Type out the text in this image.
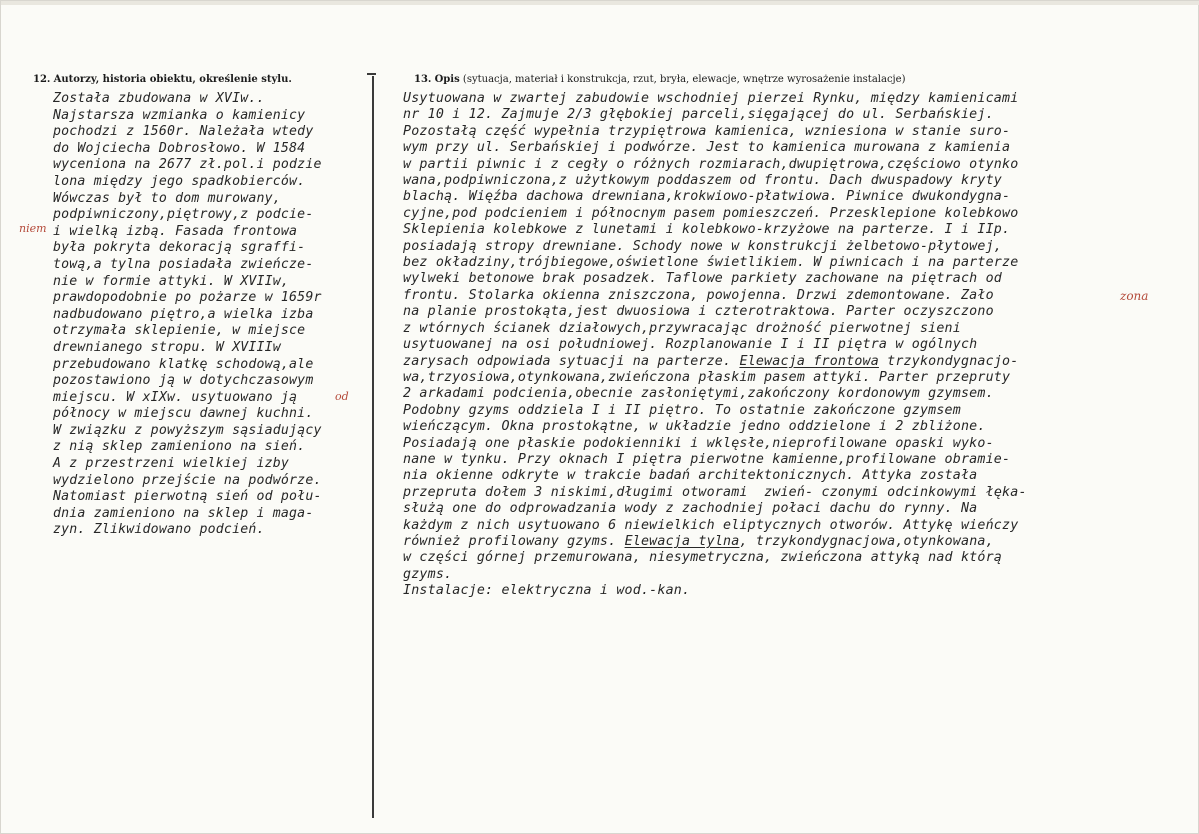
12. Autorzy, historia obiektu, określenie stylu.	13. Opis (sytuacja, materiał i konstrukcja, rzut, bryła, elewacje, wnętrze wyrosażenie instalacje)
Została zbudowana w XVIw..
Najstarsza wzmianka o kamienicy
pochodzi z 1560r. Należała wtedy
do Wojciecha Dobrosłowo. W 1584
wyceniona na 2677 zł.pol.i podzie
lona między jego spadkobierców.
Wówczas był to dom murowany,
podpiwniczony,piętrowy,z podcie-
i wielką izbą. Fasada frontowa
była pokryta dekoracją sgraffi-
tową,a tylna posiadała zwieńcze-
nie w formie attyki. W XVIIw,
prawdopodobnie po pożarze w 1659r
nadbudowano piętro,a wielka izba
otrzymała sklepienie, w miejsce
drewnianego stropu. W XVIIIw
przebudowano klatkę schodową,ale
pozostawiono ją w dotychczasowym
miejscu. W xIXw. usytuowano ją
północy w miejscu dawnej kuchni.
W związku z powyższym sąsiadujący
z nią sklep zamieniono na sień.
A z przestrzeni wielkiej izby
wydzielono przejście na podwórze.
Natomiast pierwotną sień od połu-
dnia zamieniono na sklep i maga-
zyn. Zlikwidowano podcień.
Usytuowana w zwartej zabudowie wschodniej pierzei Rynku, między kamienicami
nr 10 i 12. Zajmuje 2/3 głębokiej parceli,sięgającej do ul. Serbańskiej.
Pozostałą część wypełnia trzypiętrowa kamienica, wzniesiona w stanie suro-
wym przy ul. Serbańskiej i podwórze. Jest to kamienica murowana z kamienia
w partii piwnic i z cegły o różnych rozmiarach,dwupiętrowa,częściowo otynko
wana,podpiwniczona,z użytkowym poddaszem od frontu. Dach dwuspadowy kryty
blachą. Więźba dachowa drewniana,krokwiowo-płatwiowa. Piwnice dwukondygna-
cyjne,pod podcieniem i północnym pasem pomieszczeń. Przesklepione kolebkowo
Sklepienia kolebkowe z lunetami i kolebkowo-krzyżowe na parterze. I i IIp.
posiadają stropy drewniane. Schody nowe w konstrukcji żelbetowo-płytowej,
bez okładziny,trójbiegowe,oświetlone świetlikiem. W piwnicach i na parterze
wylweki betonowe brak posadzek. Taflowe parkiety zachowane na piętrach od
frontu. Stolarka okienna zniszczona, powojenna. Drzwi zdemontowane. Zało
na planie prostokąta,jest dwuosiowa i czterotraktowa. Parter oczyszczono
z wtórnych ścianek działowych,przywracając drożność pierwotnej sieni
usytuowanej na osi południowej. Rozplanowanie I i II piętra w ogólnych
zarysach odpowiada sytuacji na parterze. Elewacja frontowa trzykondygnacjo-
wa,trzyosiowa,otynkowana,zwieńczona płaskim pasem attyki. Parter przepruty
2 arkadami podcienia,obecnie zasłoniętymi,zakończony kordonowym gzymsem.
Podobny gzyms oddziela I i II piętro. To ostatnie zakończone gzymsem
wieńczącym. Okna prostokątne, w układzie jedno oddzielone i 2 zbliżone.
Posiadają one płaskie podokienniki i wklęsłe,nieprofilowane opaski wyko-
nane w tynku. Przy oknach I piętra pierwotne kamienne,profilowane obramie-
nia okienne odkryte w trakcie badań architektonicznych. Attyka została
przepruta dołem 3 niskimi,długimi otworami zwień- czonymi odcinkowymi łęka-
służą one do odprowadzania wody z zachodniej połaci dachu do rynny. Na
każdym z nich usytuowano 6 niewielkich eliptycznych otworów. Attykę wieńczy
również profilowany gzyms. Elewacja tylna, trzykondygnacjowa,otynkowana,
w części górnej przemurowana, niesymetryczna, zwieńczona attyką nad którą
gzyms.
Instalacje: elektryczna i wod.-kan.
niem
od
zona
